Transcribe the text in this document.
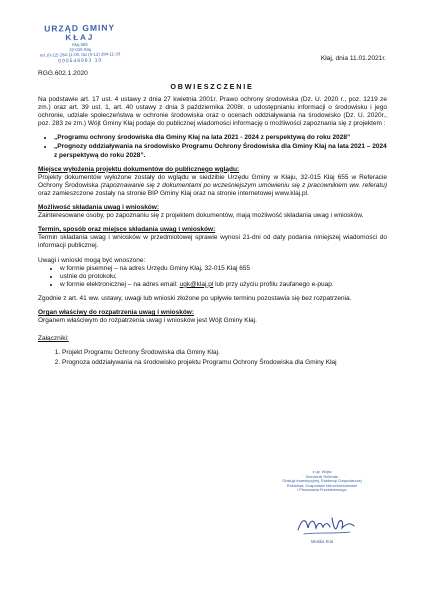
URZĄD GMINY
KŁAJ
Kłaj 655
32-015 Kłaj
tel. (0-12) 284-11-00, fax (0-12) 284-11-33
000548983 10	Kłaj, dnia 11.01.2021r.
RGG.602.1.2020
OBWIESZCZENIE

Na podstawie art. 17 ust. 4 ustawy z dnia 27 kwietnia 2001r. Prawo ochrony środowiska (Dz. U. 2020 r., poz. 1219 ze zm.) oraz art. 39 ust. 1, art. 40 ustawy z dnia 3 października 2008r. o udostępnianiu informacji o środowisku i jego ochronie, udziale społeczeństwa w ochronie środowiska oraz o ocenach oddziaływania na środowisko (Dz. U. 2020r., poz. 283 ze zm.) Wójt Gminy Kłaj podaje do publicznej wiadomości informację o możliwości zapoznania się z projektem :

• „Programu ochrony środowiska dla Gminy Kłaj na lata 2021 - 2024 z perspektywą do roku 2028”
• „Prognozy oddziaływania na środowisko Programu Ochrony Środowiska dla Gminy Kłaj na lata 2021 – 2024 z perspektywą do roku 2028”.
Miejsce wyłożenia projektu dokumentów do publicznego wglądu:

Projekty dokumentów wyłożone zostały do wglądu w siedzibie Urzędu Gminy w Kłaju, 32-015 Kłaj 655 w Referacie Ochrony Środowiska (zapoznawanie się z dokumentami po wcześniejszym umówieniu się z pracownikiem ww. referatu) oraz zamieszczone zostały na stronie BIP Gminy Kłaj oraz na stronie internetowej www.klaj.pl.

Możliwość składania uwag i wniosków:

Zainteresowane osoby, po zapoznaniu się z projektem dokumentów, mają możliwość składania uwag i wniosków.

Termin, sposób oraz miejsce składania uwag i wniosków:

Termin składania uwag i wniosków w przedmiotowej sprawie wynosi 21-dni od daty podania niniejszej wiadomości do informacji publicznej.

Uwagi i wnioski mogą być wnoszone:
• w formie pisemnej – na adres Urzędu Gminy Kłaj, 32-015 Kłaj 655
• ustnie do protokołu;
• w formie elektronicznej – na adres email: ugk@klaj.pl lub przy użyciu profilu zaufanego e-puap.

Zgodnie z art. 41 ww. ustawy, uwagi lub wnioski złożone po upływie terminu pozostawia się bez rozpatrzenia.

Organ właściwy do rozpatrzenia uwag i wniosków:

Organem właściwym do rozpatrzenia uwag i wniosków jest Wójt Gminy Kłaj.

Załączniki:
1. Projekt Programu Ochrony Środowiska dla Gminy Kłaj.
2. Prognoza oddziaływania na środowisko projektu Programu Ochrony Środowiska dla Gminy Kłaj
z up. Wójta
Kierownik Referatu
Obsługi Inwestycyjnej, Ewidencji Gospodarczej
Rolnictwa, Gospodarki Nieruchomościami
i Planowania Przestrzennego
Monika Kral
